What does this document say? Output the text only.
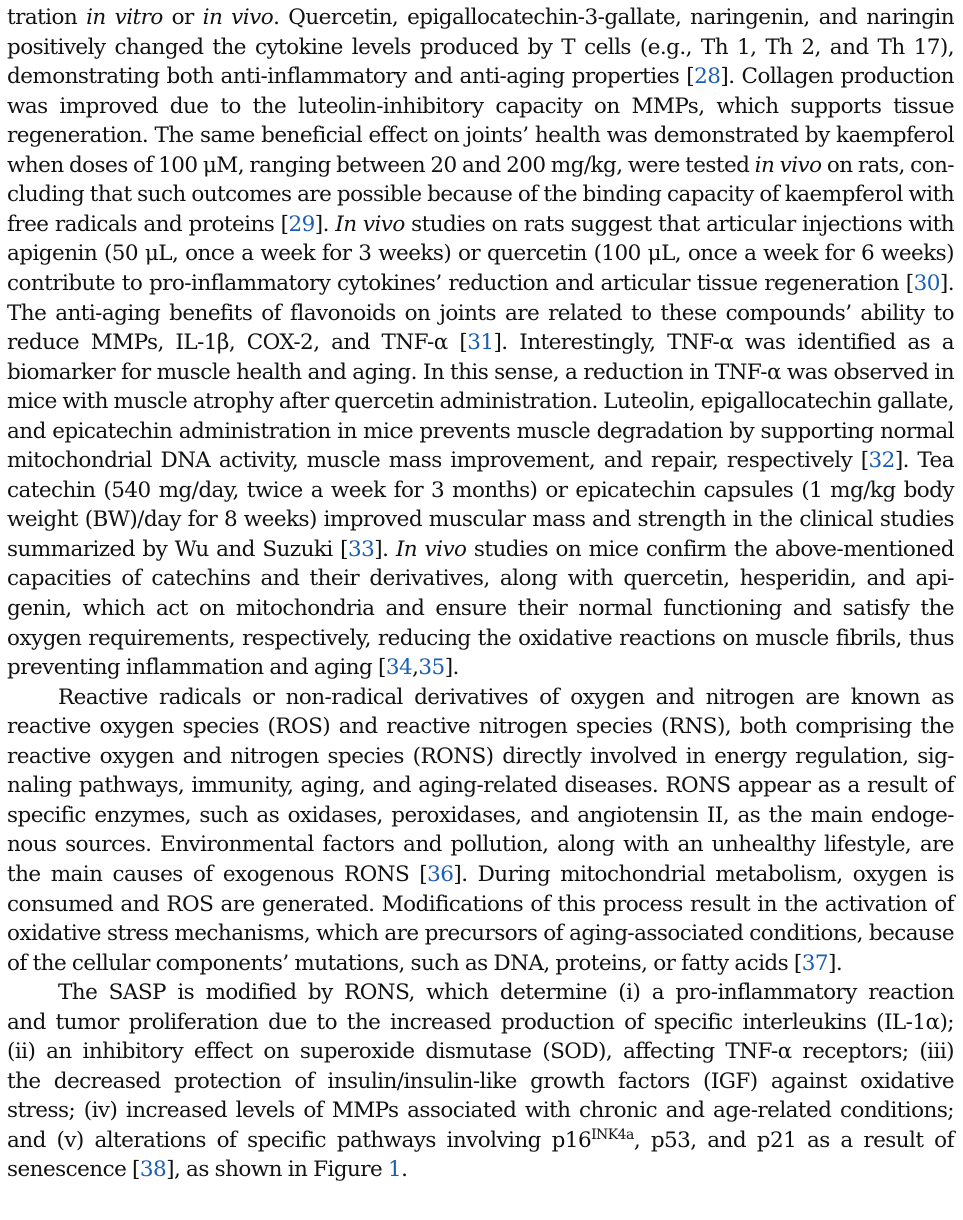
tration in vitro or in vivo. Quercetin, epigallocatechin-3-gallate, naringenin, and naringin
positively changed the cytokine levels produced by T cells (e.g., Th 1, Th 2, and Th 17),
demonstrating both anti-inflammatory and anti-aging properties [28]. Collagen production
was improved due to the luteolin-inhibitory capacity on MMPs, which supports tissue
regeneration. The same beneficial effect on joints’ health was demonstrated by kaempferol
when doses of 100 μM, ranging between 20 and 200 mg/kg, were tested in vivo on rats, con-
cluding that such outcomes are possible because of the binding capacity of kaempferol with
free radicals and proteins [29]. In vivo studies on rats suggest that articular injections with
apigenin (50 μL, once a week for 3 weeks) or quercetin (100 μL, once a week for 6 weeks)
contribute to pro-inflammatory cytokines’ reduction and articular tissue regeneration [30].
The anti-aging benefits of flavonoids on joints are related to these compounds’ ability to
reduce MMPs, IL-1β, COX-2, and TNF-α [31]. Interestingly, TNF-α was identified as a
biomarker for muscle health and aging. In this sense, a reduction in TNF-α was observed in
mice with muscle atrophy after quercetin administration. Luteolin, epigallocatechin gallate,
and epicatechin administration in mice prevents muscle degradation by supporting normal
mitochondrial DNA activity, muscle mass improvement, and repair, respectively [32]. Tea
catechin (540 mg/day, twice a week for 3 months) or epicatechin capsules (1 mg/kg body
weight (BW)/day for 8 weeks) improved muscular mass and strength in the clinical studies
summarized by Wu and Suzuki [33]. In vivo studies on mice confirm the above-mentioned
capacities of catechins and their derivatives, along with quercetin, hesperidin, and api-
genin, which act on mitochondria and ensure their normal functioning and satisfy the
oxygen requirements, respectively, reducing the oxidative reactions on muscle fibrils, thus
preventing inflammation and aging [34,35].
Reactive radicals or non-radical derivatives of oxygen and nitrogen are known as
reactive oxygen species (ROS) and reactive nitrogen species (RNS), both comprising the
reactive oxygen and nitrogen species (RONS) directly involved in energy regulation, sig-
naling pathways, immunity, aging, and aging-related diseases. RONS appear as a result of
specific enzymes, such as oxidases, peroxidases, and angiotensin II, as the main endoge-
nous sources. Environmental factors and pollution, along with an unhealthy lifestyle, are
the main causes of exogenous RONS [36]. During mitochondrial metabolism, oxygen is
consumed and ROS are generated. Modifications of this process result in the activation of
oxidative stress mechanisms, which are precursors of aging-associated conditions, because
of the cellular components’ mutations, such as DNA, proteins, or fatty acids [37].
The SASP is modified by RONS, which determine (i) a pro-inflammatory reaction
and tumor proliferation due to the increased production of specific interleukins (IL-1α);
(ii) an inhibitory effect on superoxide dismutase (SOD), affecting TNF-α receptors; (iii)
the decreased protection of insulin/insulin-like growth factors (IGF) against oxidative
stress; (iv) increased levels of MMPs associated with chronic and age-related conditions;
and (v) alterations of specific pathways involving $p16^{INK4a}$, p53, and p21 as a result of
senescence [38], as shown in Figure 1.
